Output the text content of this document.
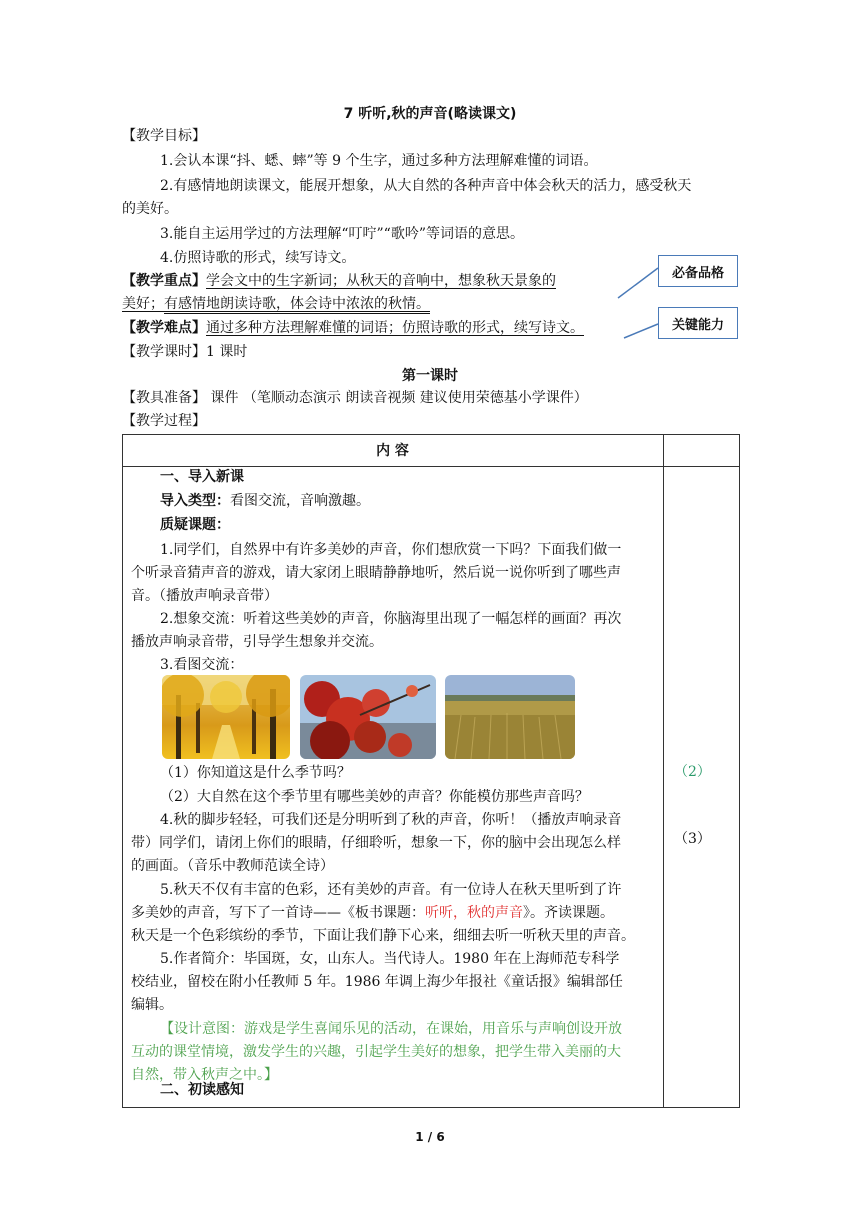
7 听听,秋的声音(略读课文)
【教学目标】
1.会认本课“抖、蟋、蟀”等 9 个生字，通过多种方法理解难懂的词语。
2.有感情地朗读课文，能展开想象，从大自然的各种声音中体会秋天的活力，感受秋天
的美好。
3.能自主运用学过的方法理解“叮咛”“歌吟”等词语的意思。
4.仿照诗歌的形式，续写诗文。
【教学重点】学会文中的生字新词；从秋天的音响中，想象秋天景象的
美好；有感情地朗读诗歌，体会诗中浓浓的秋情。
【教学难点】通过多种方法理解难懂的词语；仿照诗歌的形式，续写诗文。
【教学课时】1 课时
必备品格
关键能力
第一课时
【教具准备】 课件 （笔顺动态演示 朗读音视频 建议使用荣德基小学课件）
【教学过程】
内 容
（2）
（3）
一、导入新课
导入类型：看图交流，音响激趣。
质疑课题：
1.同学们，自然界中有许多美妙的声音，你们想欣赏一下吗？下面我们做一
个听录音猜声音的游戏，请大家闭上眼睛静静地听，然后说一说你听到了哪些声
音。（播放声响录音带）
2.想象交流：听着这些美妙的声音，你脑海里出现了一幅怎样的画面？再次
播放声响录音带，引导学生想象并交流。
3.看图交流：
（1）你知道这是什么季节吗？
（2）大自然在这个季节里有哪些美妙的声音？你能模仿那些声音吗？
4.秋的脚步轻轻，可我们还是分明听到了秋的声音，你听！（播放声响录音
带）同学们，请闭上你们的眼睛，仔细聆听，想象一下，你的脑中会出现怎么样
的画面。（音乐中教师范读全诗）
5.秋天不仅有丰富的色彩，还有美妙的声音。有一位诗人在秋天里听到了许
多美妙的声音，写下了一首诗——《板书课题：听听，秋的声音》。齐读课题。
秋天是一个色彩缤纷的季节，下面让我们静下心来，细细去听一听秋天里的声音。
5.作者简介：毕国斑，女，山东人。当代诗人。1980 年在上海师范专科学
校结业，留校在附小任教师 5 年。1986 年调上海少年报社《童话报》编辑部任
编辑。
【设计意图：游戏是学生喜闻乐见的活动，在课始，用音乐与声响创设开放
互动的课堂情境，激发学生的兴趣，引起学生美好的想象，把学生带入美丽的大
自然，带入秋声之中。】
二、初读感知
1 / 6
